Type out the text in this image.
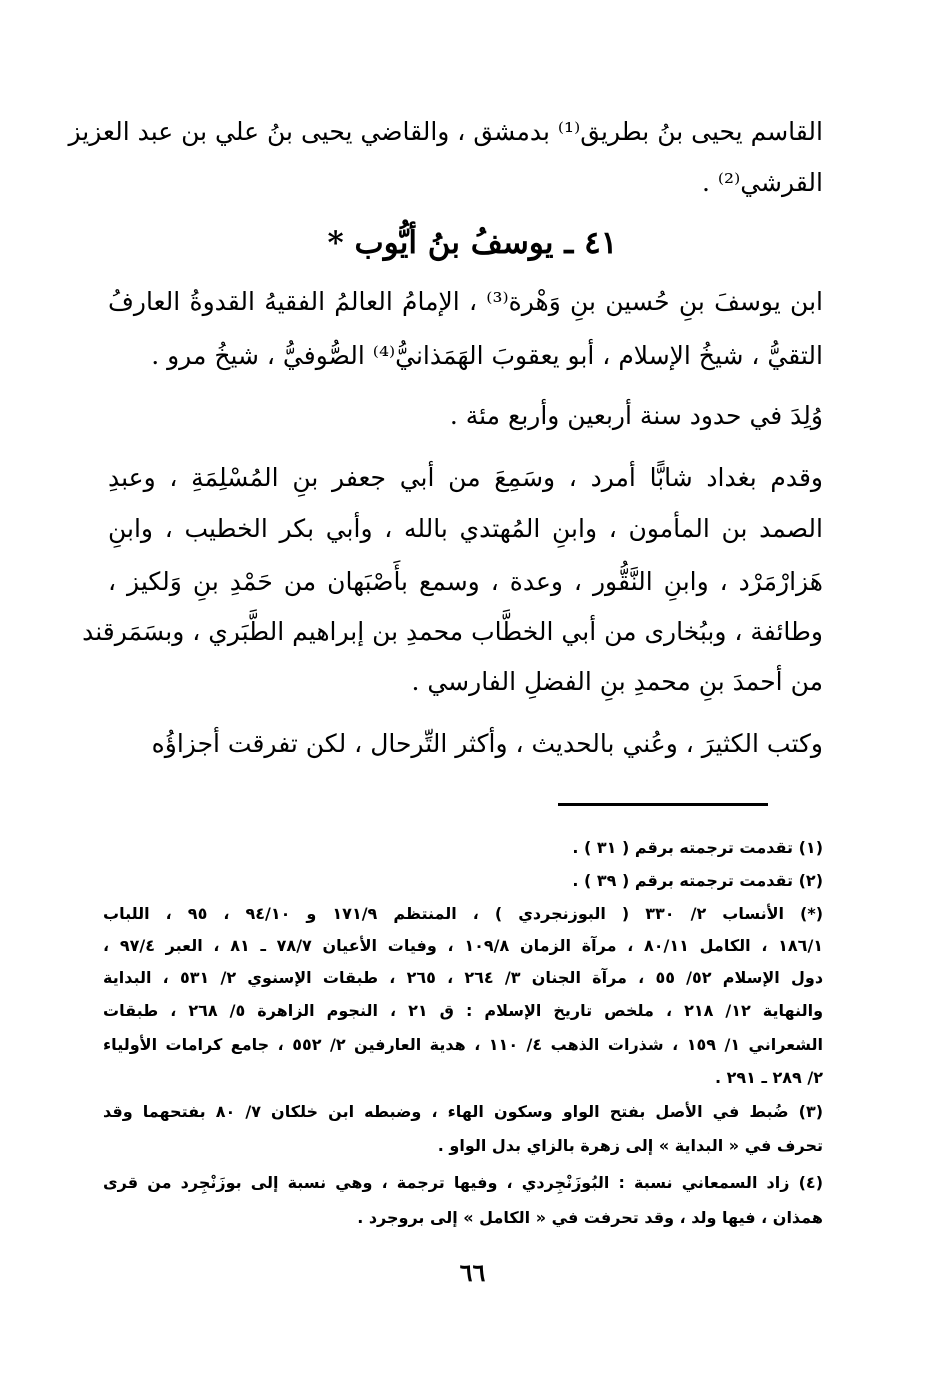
القاسم يحيى بنُ بطريق⁽¹⁾ بدمشق ، والقاضي يحيى بنُ علي بن عبد العزيز
القرشي⁽²⁾ .
٤١ ـ يوسفُ بنُ أيُّوب *
ابن يوسفَ بنِ حُسين بنِ وَهْرة⁽³⁾ ، الإمامُ العالمُ الفقيهُ القدوةُ العارفُ
التقيُّ ، شيخُ الإسلام ، أبو يعقوبَ الهَمَذانيُّ⁽⁴⁾ الصُّوفيُّ ، شيخُ مرو .
وُلِدَ في حدود سنة أربعين وأربع مئة .
وقدم بغداد شابًّا أمرد ، وسَمِعَ من أبي جعفر بنِ المُسْلِمَةِ ، وعبدِ
الصمد بن المأمون ، وابنِ المُهتدي بالله ، وأبي بكر الخطيب ، وابنِ
هَزارْمَرْد ، وابنِ النَّقُّور ، وعدة ، وسمع بأَصْبَهان من حَمْدِ بنِ وَلكيز ،
وطائفة ، وببُخارى من أبي الخطَّاب محمدِ بن إبراهيم الطَّبَري ، وبسَمَرقند
من أحمدَ بنِ محمدِ بنِ الفضلِ الفارسي .
وكتب الكثيرَ ، وعُني بالحديث ، وأكثر التِّرحال ، لكن تفرقت أجزاؤُه
(١) تقدمت ترجمته برقم ( ٣١ ) .
(٢) تقدمت ترجمته برقم ( ٣٩ ) .
(*) الأنساب ٢/ ٣٣٠ ( البوزنجردي ) ، المنتظم ١٧١/٩ و ٩٤/١٠ ، ٩٥ ، اللباب
١٨٦/١ ، الكامل ٨٠/١١ ، مرآة الزمان ١٠٩/٨ ، وفيات الأعيان ٧٨/٧ ـ ٨١ ، العبر ٩٧/٤ ،
دول الإسلام ٥٢/ ٥٥ ، مرآة الجنان ٣/ ٢٦٤ ، ٢٦٥ ، طبقات الإسنوي ٢/ ٥٣١ ، البداية
والنهاية ١٢/ ٢١٨ ، ملخص تاريخ الإسلام : ق ٢١ ، النجوم الزاهرة ٥/ ٢٦٨ ، طبقات
الشعراني ١/ ١٥٩ ، شذرات الذهب ٤/ ١١٠ ، هدية العارفين ٢/ ٥٥٢ ، جامع كرامات الأولياء
٢/ ٢٨٩ ـ ٢٩١ .
(٣) ضُبط في الأصل بفتح الواو وسكون الهاء ، وضبطه ابن خلكان ٧/ ٨٠ بفتحهما وقد
تحرف في « البداية » إلى زهرة بالزاي بدل الواو .
(٤) زاد السمعاني نسبة : البُوزَنْجِردي ، وفيها ترجمة ، وهي نسبة إلى بوزَنْجِرد من قرى
همذان ، فيها ولد ، وقد تحرفت في « الكامل » إلى بروجرد .
٦٦
